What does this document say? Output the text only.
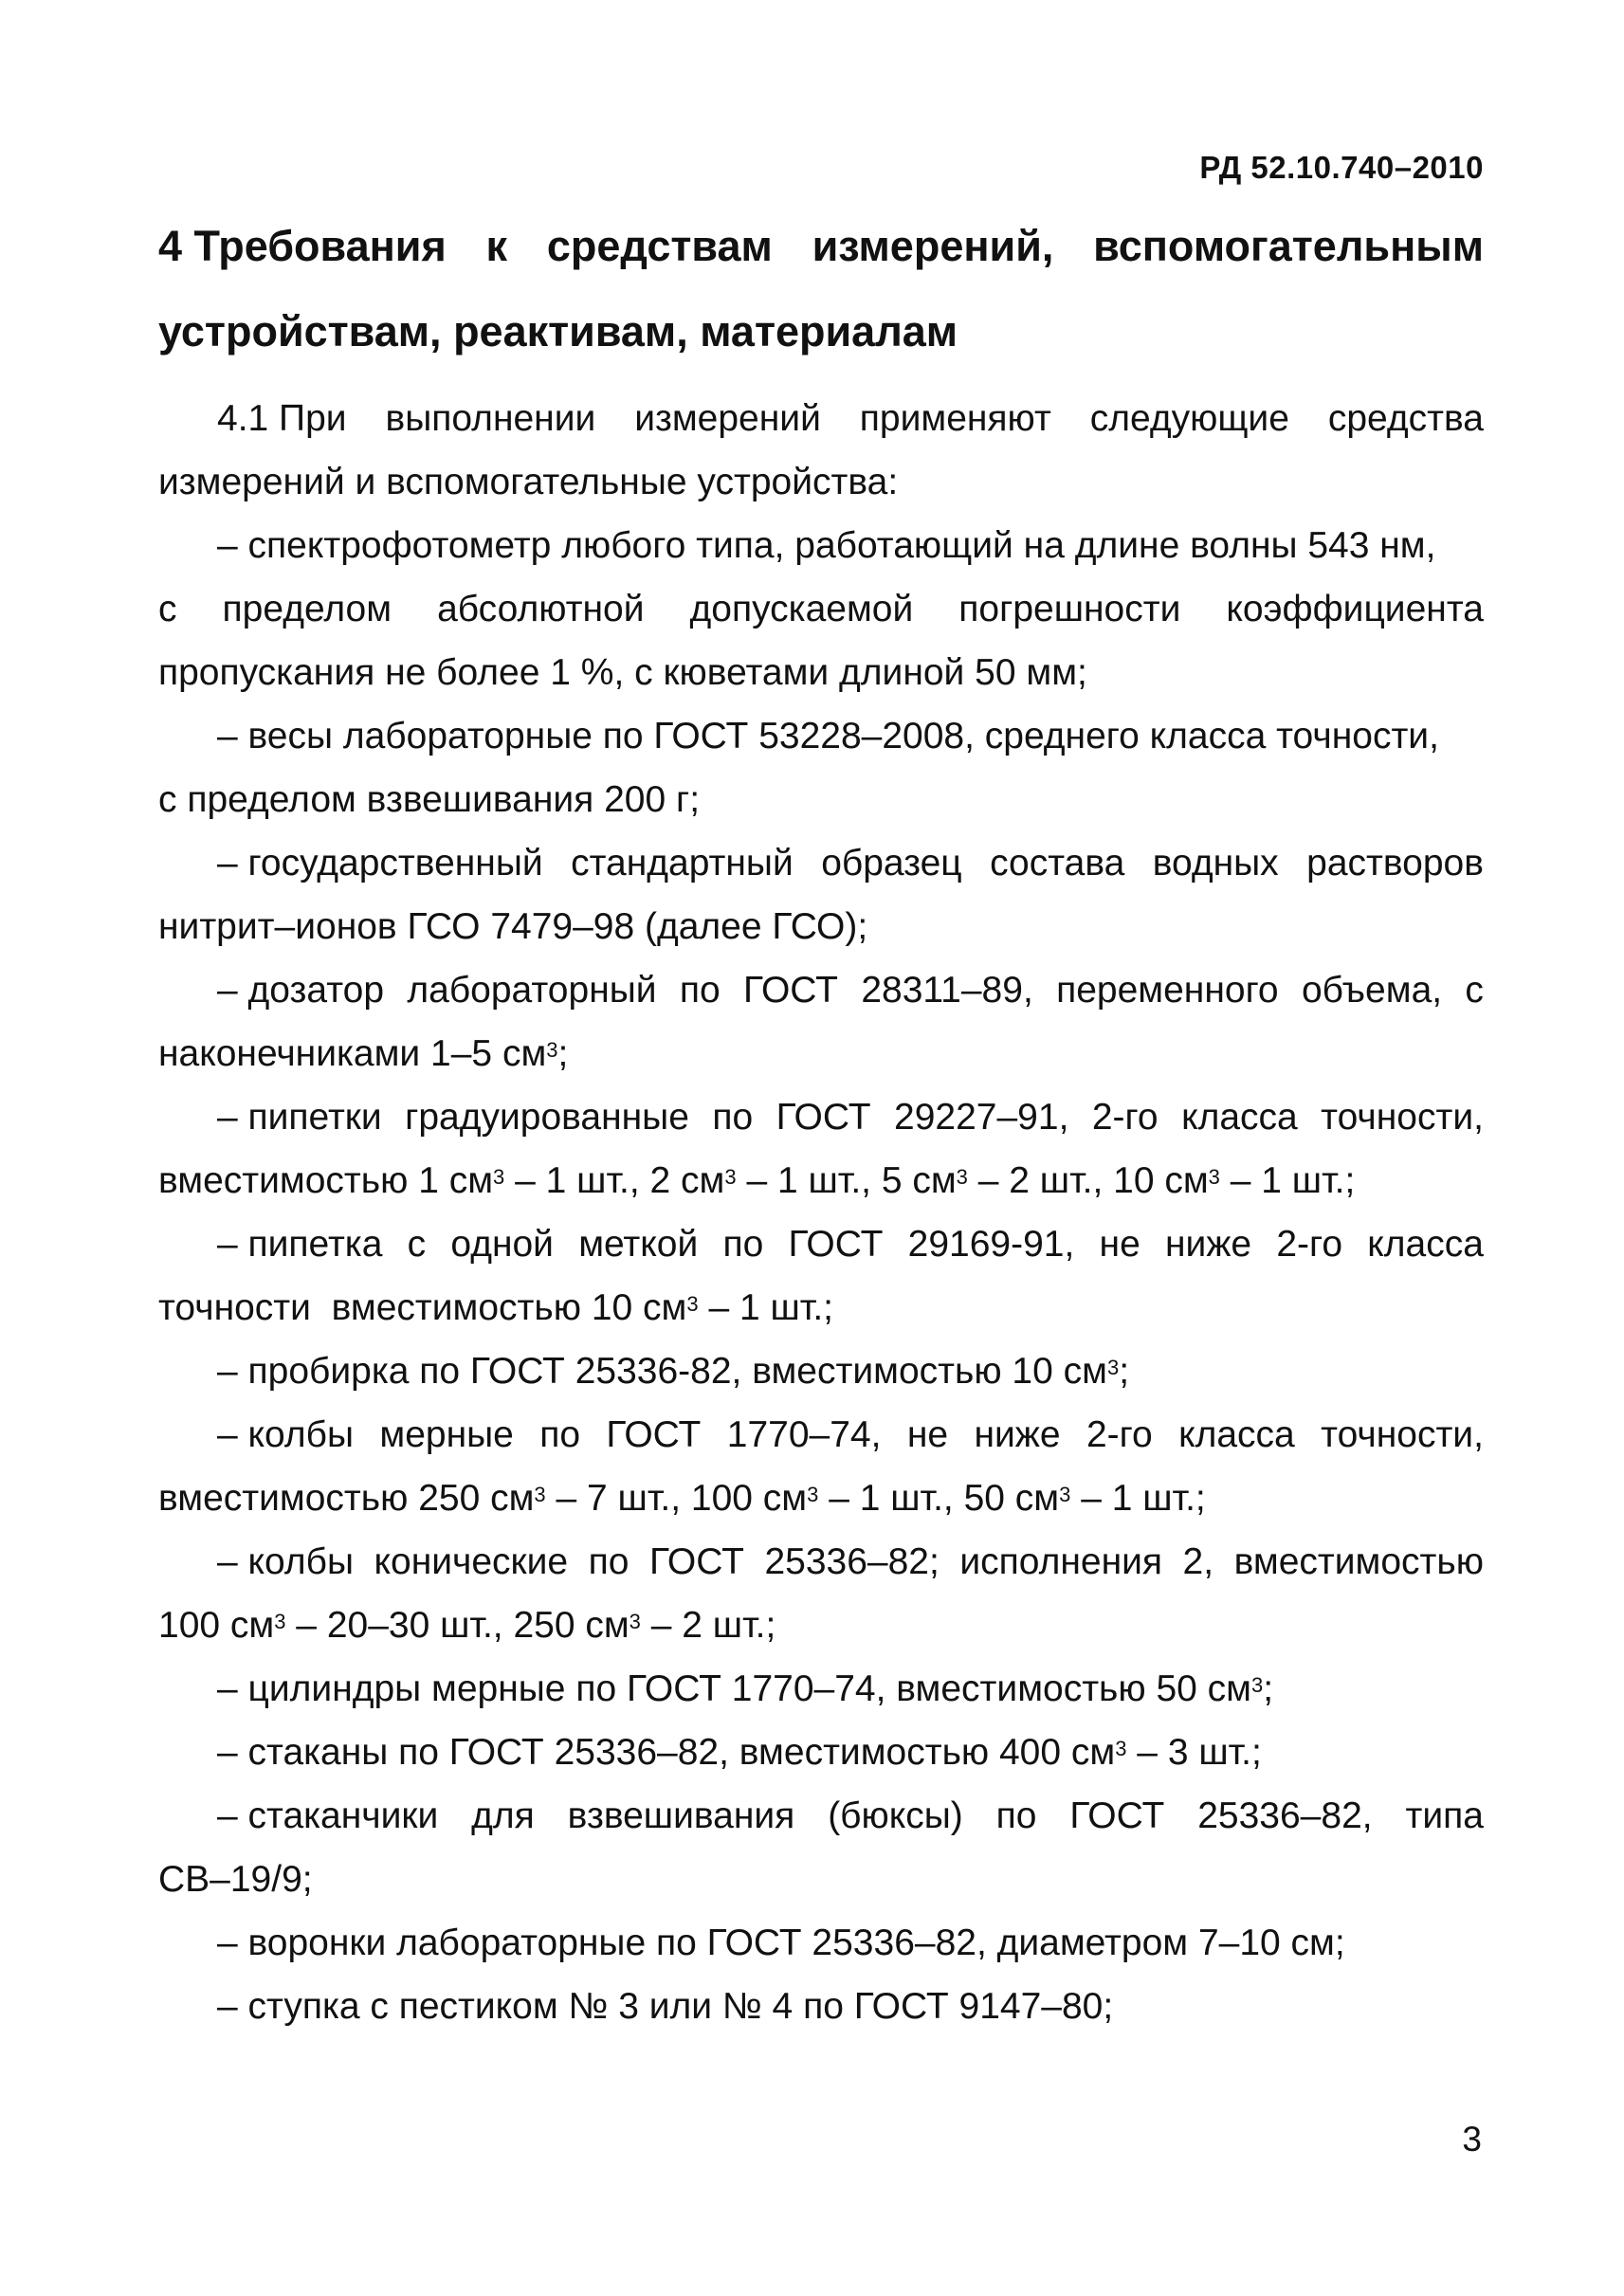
РД 52.10.740–2010
4 Требования к средствам измерений, вспомогательным
устройствам, реактивам, материалам
4.1 При выполнении измерений применяют следующие средства
измерений и вспомогательные устройства:
– спектрофотометр любого типа, работающий на длине волны 543 нм,
с пределом абсолютной допускаемой погрешности коэффициента
пропускания не более 1 %, с кюветами длиной 50 мм;
– весы лабораторные по ГОСТ 53228–2008, среднего класса точности,
с пределом взвешивания 200 г;
– государственный стандартный образец состава водных растворов
нитрит–ионов ГСО 7479–98 (далее ГСО);
– дозатор лабораторный по ГОСТ 28311–89, переменного объема, с
наконечниками 1–5 $см^3$ ;
– пипетки градуированные по ГОСТ 29227–91, 2-го класса точности,
вместимостью 1 $см^3 - 1$ шт., 2 $см^3 - 1$ шт., 5 $см^3 - 2$ шт., 10 $см^3 - 1$ шт.;
– пипетка с одной меткой по ГОСТ 29169-91, не ниже 2-го класса
точности  вместимостью 10 $см^3 - 1$ шт.;
– пробирка по ГОСТ 25336-82, вместимостью 10 $см^3$ ;
– колбы мерные по ГОСТ 1770–74, не ниже 2-го класса точности,
вместимостью 250 $см^3 - 7$ шт., 100 $см^3 - 1$ шт., 50 $см^3 - 1$ шт.;
– колбы конические по ГОСТ 25336–82; исполнения 2, вместимостью
100 $см^3 - 20-30$ шт., 250 $см^3 - 2$ шт.;
– цилиндры мерные по ГОСТ 1770–74, вместимостью 50 $см^3$ ;
– стаканы по ГОСТ 25336–82, вместимостью 400 $см^3 - 3$ шт.;
– стаканчики для взвешивания (бюксы) по ГОСТ 25336–82, типа
СВ–19/9;
– воронки лабораторные по ГОСТ 25336–82, диаметром 7–10 см;
– ступка с пестиком № 3 или № 4 по ГОСТ 9147–80;
3
